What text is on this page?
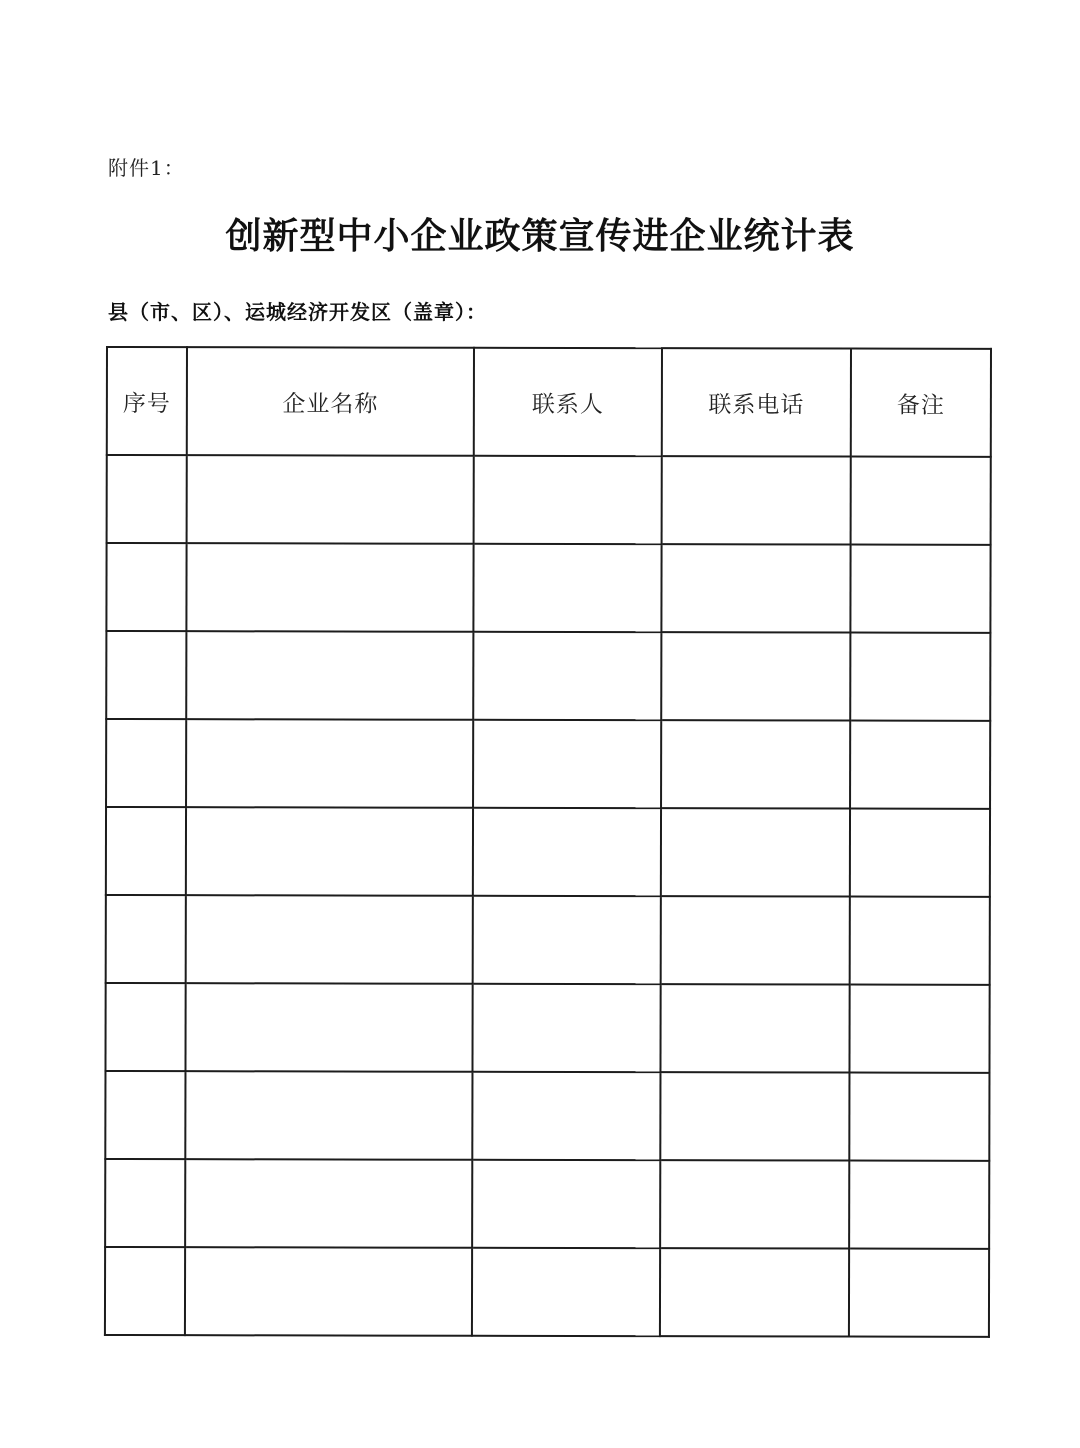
附件1：
创新型中小企业政策宣传进企业统计表
县（市、区）、运城经济开发区（盖章）：
序号	企业名称	联系人	联系电话	备注
